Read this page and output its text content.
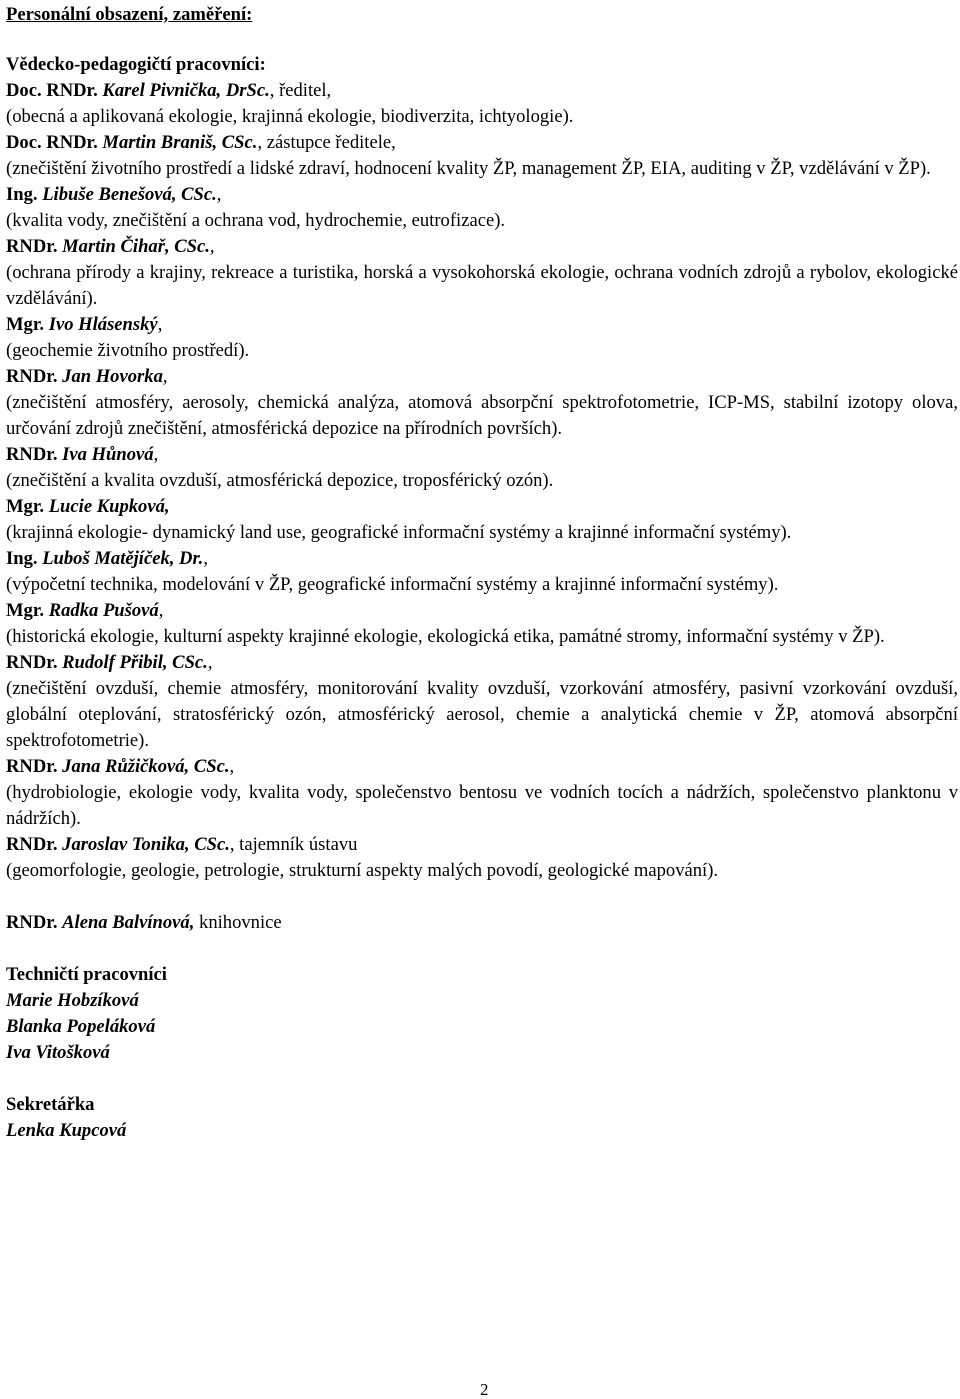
Personální obsazení, zaměření:
Vědecko-pedagogičtí pracovníci:
Doc. RNDr. Karel Pivnička, DrSc., ředitel,
(obecná a aplikovaná ekologie, krajinná ekologie, biodiverzita, ichtyologie).
Doc. RNDr. Martin Braniš, CSc., zástupce ředitele,
(znečištění životního prostředí a lidské zdraví, hodnocení kvality ŽP, management ŽP, EIA, auditing v ŽP, vzdělávání v ŽP).
Ing. Libuše Benešová, CSc.,
(kvalita vody, znečištění a ochrana vod, hydrochemie, eutrofizace).
RNDr. Martin Čihař, CSc.,
(ochrana přírody a krajiny, rekreace a turistika, horská a vysokohorská ekologie, ochrana vodních zdrojů a rybolov, ekologické vzdělávání).
Mgr. Ivo Hlásenský,
(geochemie životního prostředí).
RNDr. Jan Hovorka,
(znečištění atmosféry, aerosoly, chemická analýza, atomová absorpční spektrofotometrie, ICP-MS, stabilní izotopy olova, určování zdrojů znečištění, atmosférická depozice na přírodních površích).
RNDr. Iva Hůnová,
(znečištění a kvalita ovzduší, atmosférická depozice, troposférický ozón).
Mgr. Lucie Kupková,
(krajinná ekologie- dynamický land use, geografické informační systémy a krajinné informační systémy).
Ing. Luboš Matějíček, Dr.,
(výpočetní technika, modelování v ŽP, geografické informační systémy a krajinné informační systémy).
Mgr. Radka Pušová,
(historická ekologie, kulturní aspekty krajinné ekologie, ekologická etika, památné stromy, informační systémy v ŽP).
RNDr. Rudolf Přibil, CSc.,
(znečištění ovzduší, chemie atmosféry, monitorování kvality ovzduší, vzorkování atmosféry, pasivní vzorkování ovzduší, globální oteplování, stratosférický ozón, atmosférický aerosol, chemie a analytická chemie v ŽP, atomová absorpční spektrofotometrie).
RNDr. Jana Růžičková, CSc.,
(hydrobiologie, ekologie vody, kvalita vody, společenstvo bentosu ve vodních tocích a nádržích, společenstvo planktonu v nádržích).
RNDr. Jaroslav Tonika, CSc., tajemník ústavu
(geomorfologie, geologie, petrologie, strukturní aspekty malých povodí, geologické mapování).
RNDr. Alena Balvínová, knihovnice
Techničtí pracovníci
Marie Hobzíková
Blanka Popeláková
Iva Vitošková
Sekretářka
Lenka Kupcová
2
